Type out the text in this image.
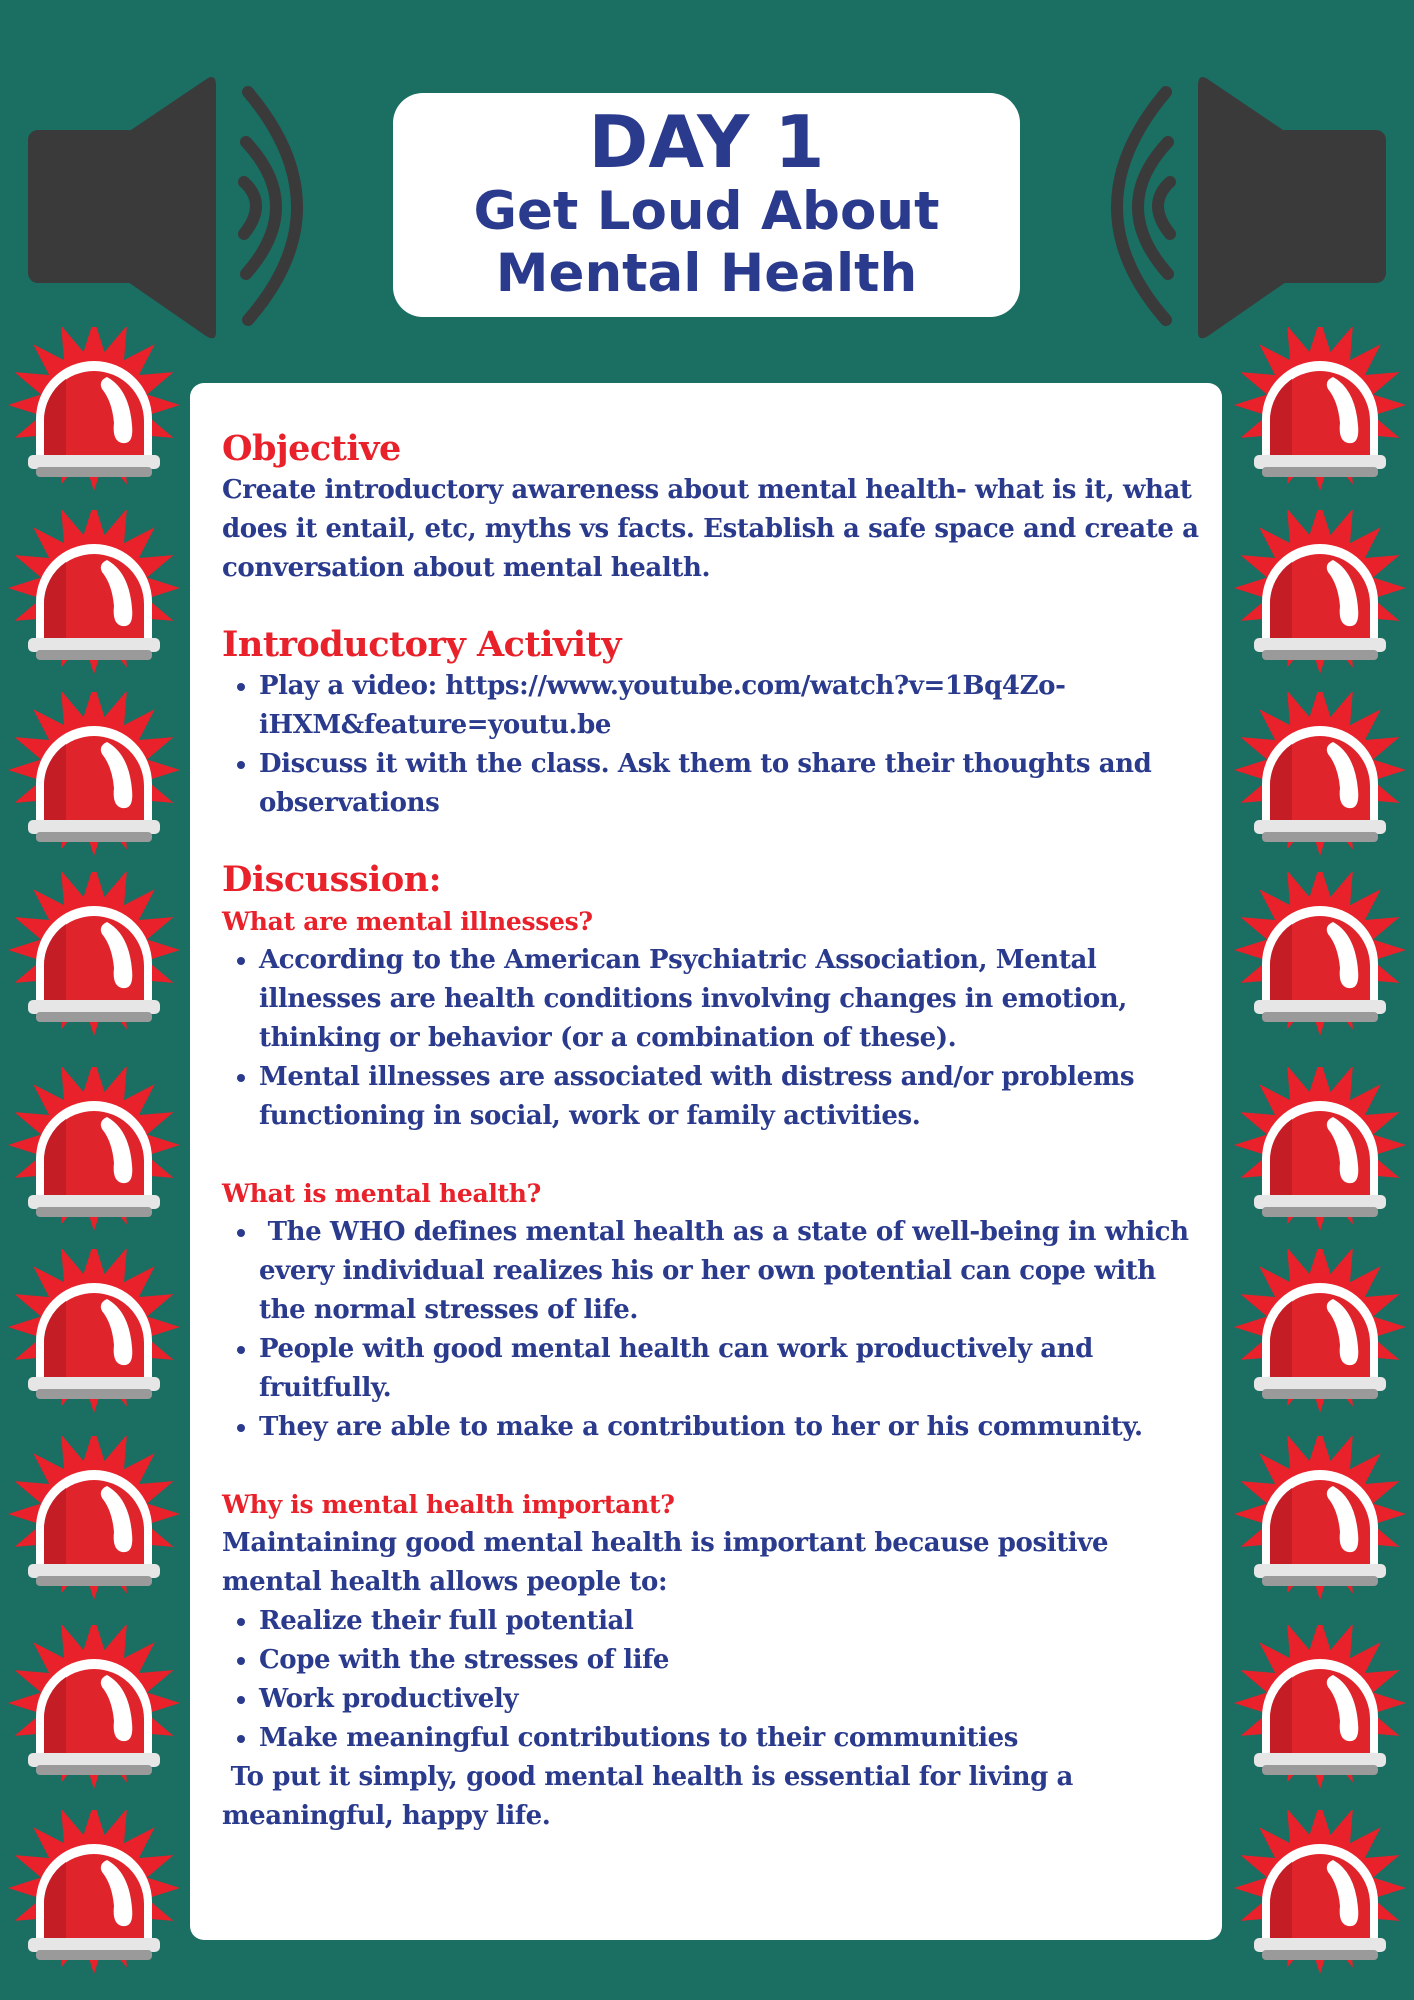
DAY 1
Get Loud About
Mental Health
Objective
Create introductory awareness about mental health- what is it, what does it entail, etc, myths vs facts. Establish a safe space and create a conversation about mental health.
Introductory Activity
• Play a video: https://www.youtube.com/watch?v=1Bq4Zo-iHXM&feature=youtu.be
• Discuss it with the class. Ask them to share their thoughts and observations
Discussion:
What are mental illnesses?
• According to the American Psychiatric Association, Mental illnesses are health conditions involving changes in emotion, thinking or behavior (or a combination of these).
• Mental illnesses are associated with distress and/or problems functioning in social, work or family activities.
What is mental health?
•  The WHO defines mental health as a state of well-being in which every individual realizes his or her own potential can cope with the normal stresses of life.
• People with good mental health can work productively and fruitfully.
• They are able to make a contribution to her or his community.
Why is mental health important?
Maintaining good mental health is important because positive mental health allows people to:
• Realize their full potential
• Cope with the stresses of life
• Work productively
• Make meaningful contributions to their communities
To put it simply, good mental health is essential for living a meaningful, happy life.
